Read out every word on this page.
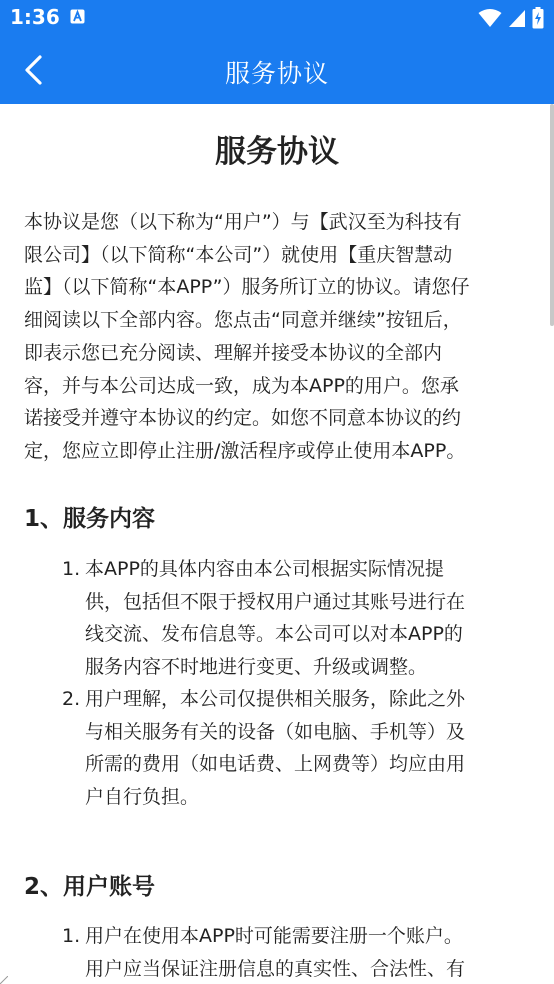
1:36
服务协议
服务协议

本协议是您（以下称为“用户”）与【武汉至为科技有
限公司】（以下简称“本公司”）就使用【重庆智慧动
监】（以下简称“本APP”）服务所订立的协议。请您仔
细阅读以下全部内容。您点击“同意并继续”按钮后，
即表示您已充分阅读、理解并接受本协议的全部内
容，并与本公司达成一致，成为本APP的用户。您承
诺接受并遵守本协议的约定。如您不同意本协议的约
定，您应立即停止注册/激活程序或停止使用本APP。

1、服务内容
1. 本APP的具体内容由本公司根据实际情况提
供，包括但不限于授权用户通过其账号进行在
线交流、发布信息等。本公司可以对本APP的
服务内容不时地进行变更、升级或调整。
2. 用户理解，本公司仅提供相关服务，除此之外
与相关服务有关的设备（如电脑、手机等）及
所需的费用（如电话费、上网费等）均应由用
户自行负担。
2、用户账号
1. 用户在使用本APP时可能需要注册一个账户。
用户应当保证注册信息的真实性、合法性、有
